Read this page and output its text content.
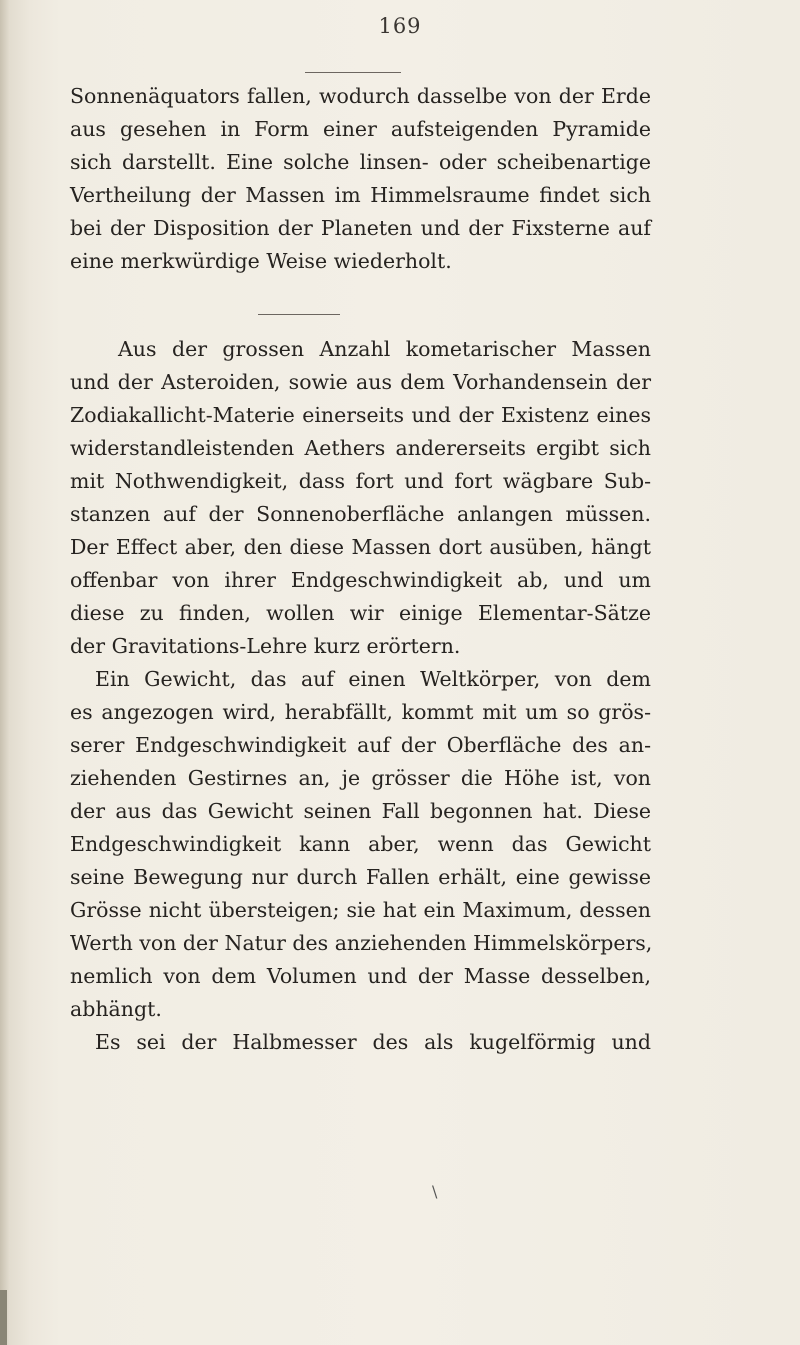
169
Sonnenäquators fallen, wodurch dasselbe von der Erde
aus gesehen in Form einer aufsteigenden Pyramide
sich darstellt. Eine solche linsen- oder scheibenartige
Vertheilung der Massen im Himmelsraume findet sich
bei der Disposition der Planeten und der Fixsterne auf
eine merkwürdige Weise wiederholt.
Aus der grossen Anzahl kometarischer Massen
und der Asteroiden, sowie aus dem Vorhandensein der
Zodiakallicht-Materie einerseits und der Existenz eines
widerstandleistenden Aethers andererseits ergibt sich
mit Nothwendigkeit, dass fort und fort wägbare Sub-
stanzen auf der Sonnenoberfläche anlangen müssen.
Der Effect aber, den diese Massen dort ausüben, hängt
offenbar von ihrer Endgeschwindigkeit ab, und um
diese zu finden, wollen wir einige Elementar-Sätze
der Gravitations-Lehre kurz erörtern.
Ein Gewicht, das auf einen Weltkörper, von dem
es angezogen wird, herabfällt, kommt mit um so grös-
serer Endgeschwindigkeit auf der Oberfläche des an-
ziehenden Gestirnes an, je grösser die Höhe ist, von
der aus das Gewicht seinen Fall begonnen hat. Diese
Endgeschwindigkeit kann aber, wenn das Gewicht
seine Bewegung nur durch Fallen erhält, eine gewisse
Grösse nicht übersteigen; sie hat ein Maximum, dessen
Werth von der Natur des anziehenden Himmelskörpers,
nemlich von dem Volumen und der Masse desselben,
abhängt.
Es sei der Halbmesser des als kugelförmig und
\
